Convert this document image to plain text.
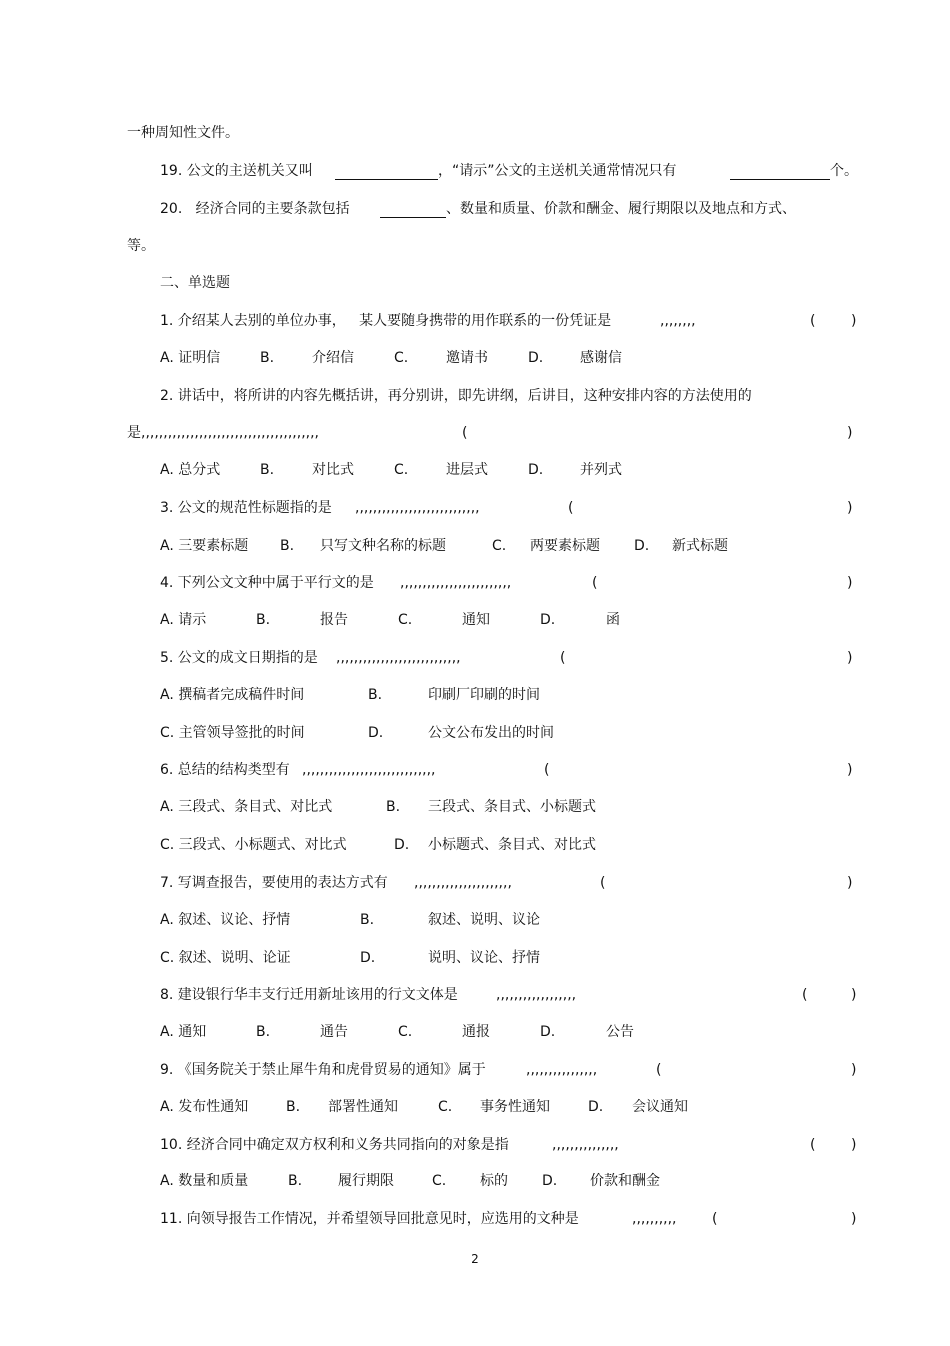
一种周知性文件。
19. 公文的主送机关又叫	，“请示”公文的主送机关通常情况只有	个。
20.   经济合同的主要条款包括	、数量和质量、价款和酬金、履行期限以及地点和方式、
等。
二、单选题
1. 介绍某人去别的单位办事，   某人要随身携带的用作联系的一份凭证是	,,,,,,,,	(	)
A. 证明信	B.	介绍信	C.	邀请书	D.	感谢信
2. 讲话中，将所讲的内容先概括讲，再分别讲，即先讲纲，后讲目，这种安排内容的方法使用的
是,,,,,,,,,,,,,,,,,,,,,,,,,,,,,,,,,,,,,,,,	(	)
A. 总分式	B.	对比式	C.	进层式	D.	并列式
3. 公文的规范性标题指的是 ,,,,,,,,,,,,,,,,,,,,,,,,,,,,	(	)
A. 三要素标题 B. 只写文种名称的标题	C. 两要素标题 D. 新式标题
4. 下列公文文种中属于平行文的是 ,,,,,,,,,,,,,,,,,,,,,,,,,	(	)
A. 请示	B.	报告	C.	通知	D.	函
5. 公文的成文日期指的是 ,,,,,,,,,,,,,,,,,,,,,,,,,,,,	(	)
A. 撰稿者完成稿件时间	B.	印刷厂印刷的时间
C. 主管领导签批的时间	D.	公文公布发出的时间
6. 总结的结构类型有 ,,,,,,,,,,,,,,,,,,,,,,,,,,,,,,	(	)
A. 三段式、条目式、对比式	B. 三段式、条目式、小标题式
C. 三段式、小标题式、对比式	D. 小标题式、条目式、对比式
7. 写调查报告，要使用的表达方式有 ,,,,,,,,,,,,,,,,,,,,,,	(	)
A. 叙述、议论、抒情	B.	叙述、说明、议论
C. 叙述、说明、论证	D.	说明、议论、抒情
8. 建设银行华丰支行迁用新址该用的行文文体是	,,,,,,,,,,,,,,,,,,	(	)
A. 通知	B.	通告	C.	通报	D.	公告
9. 《国务院关于禁止犀牛角和虎骨贸易的通知》属于	,,,,,,,,,,,,,,,,	(	)
A. 发布性通知	B. 部署性通知	C. 事务性通知	D. 会议通知
10. 经济合同中确定双方权利和义务共同指向的对象是指	,,,,,,,,,,,,,,,	(	)
A. 数量和质量	B.	履行期限	C. 标的 D. 价款和酬金
11. 向领导报告工作情况，并希望领导回批意见时，应选用的文种是	,,,,,,,,,,	(	)
2
